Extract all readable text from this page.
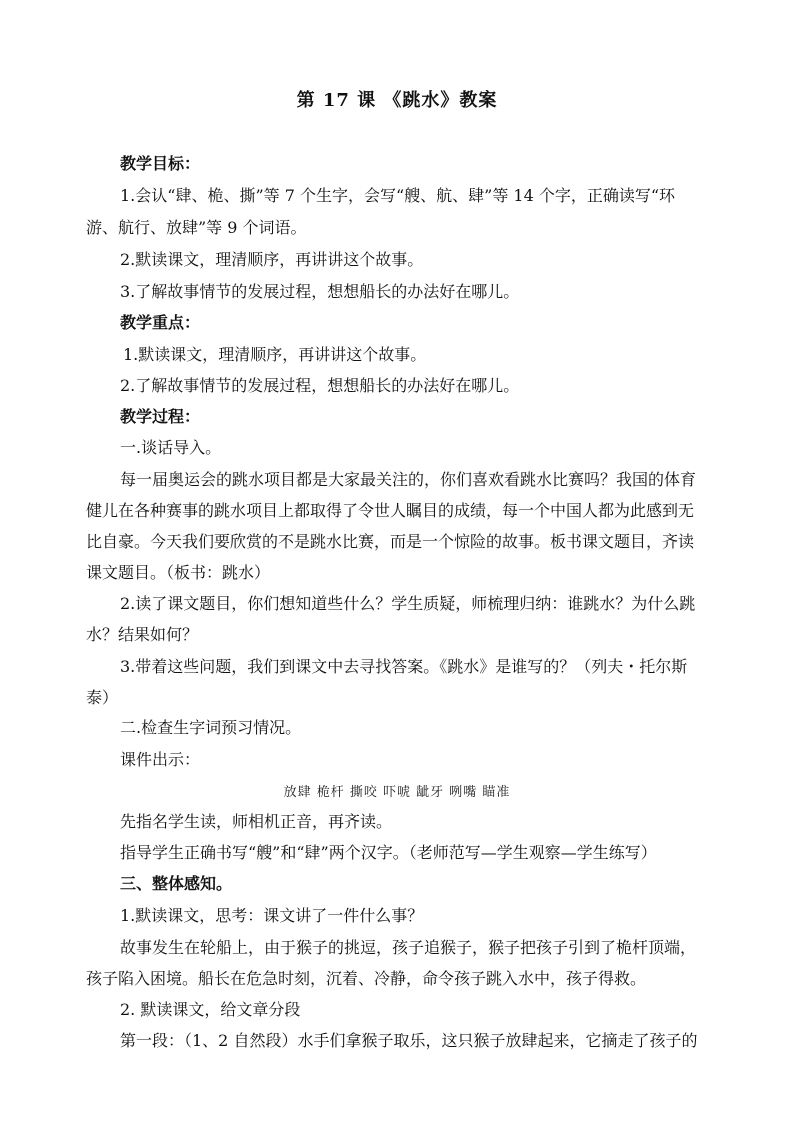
第 17 课 《跳水》教案
教学目标：
1.会认“肆、桅、撕”等 7 个生字，会写“艘、航、肆”等 14 个字，正确读写“环
游、航行、放肆”等 9 个词语。
2.默读课文，理清顺序，再讲讲这个故事。
3.了解故事情节的发展过程，想想船长的办法好在哪儿。
教学重点：
1.默读课文，理清顺序，再讲讲这个故事。
2.了解故事情节的发展过程，想想船长的办法好在哪儿。
教学过程：
一.谈话导入。
每一届奥运会的跳水项目都是大家最关注的，你们喜欢看跳水比赛吗？我国的体育
健儿在各种赛事的跳水项目上都取得了令世人瞩目的成绩，每一个中国人都为此感到无
比自豪。今天我们要欣赏的不是跳水比赛，而是一个惊险的故事。板书课文题目，齐读
课文题目。（板书：跳水）
2.读了课文题目，你们想知道些什么？学生质疑，师梳理归纳：谁跳水？为什么跳
水？结果如何？
3.带着这些问题，我们到课文中去寻找答案。《跳水》是谁写的？（列夫・托尔斯
泰）
二.检查生字词预习情况。
课件出示：
放肆 桅杆 撕咬 吓唬 龇牙 咧嘴 瞄准
先指名学生读，师相机正音，再齐读。
指导学生正确书写“艘”和“肆”两个汉字。（老师范写—学生观察—学生练写）
三、整体感知。
1.默读课文，思考：课文讲了一件什么事？
故事发生在轮船上，由于猴子的挑逗，孩子追猴子，猴子把孩子引到了桅杆顶端，
孩子陷入困境。船长在危急时刻，沉着、冷静，命令孩子跳入水中，孩子得救。
2. 默读课文，给文章分段
第一段：（1、2 自然段）水手们拿猴子取乐，这只猴子放肆起来，它摘走了孩子的
